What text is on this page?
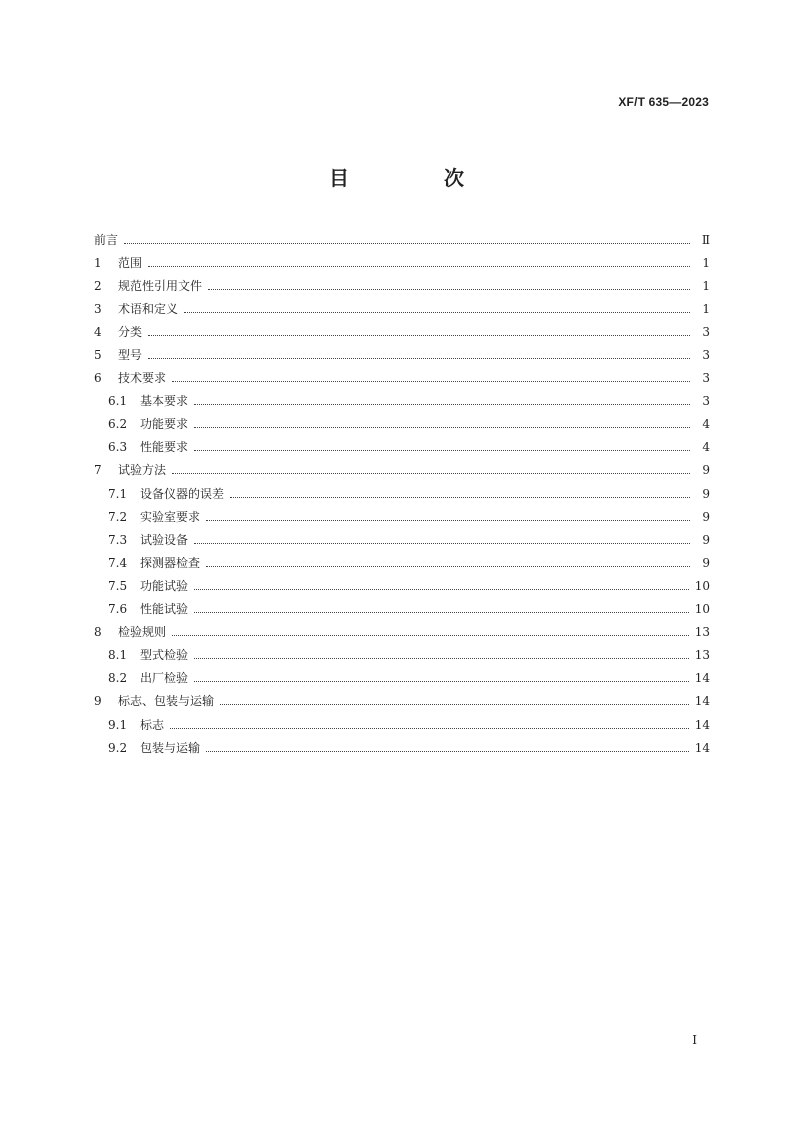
XF/T 635—2023
目 次
前言	Ⅱ
1	范围	1
2	规范性引用文件	1
3	术语和定义	1
4	分类	3
5	型号	3
6	技术要求	3
6.1	基本要求	3
6.2	功能要求	4
6.3	性能要求	4
7	试验方法	9
7.1	设备仪器的误差	9
7.2	实验室要求	9
7.3	试验设备	9
7.4	探测器检查	9
7.5	功能试验	10
7.6	性能试验	10
8	检验规则	13
8.1	型式检验	13
8.2	出厂检验	14
9	标志、包装与运输	14
9.1	标志	14
9.2	包装与运输	14
I
